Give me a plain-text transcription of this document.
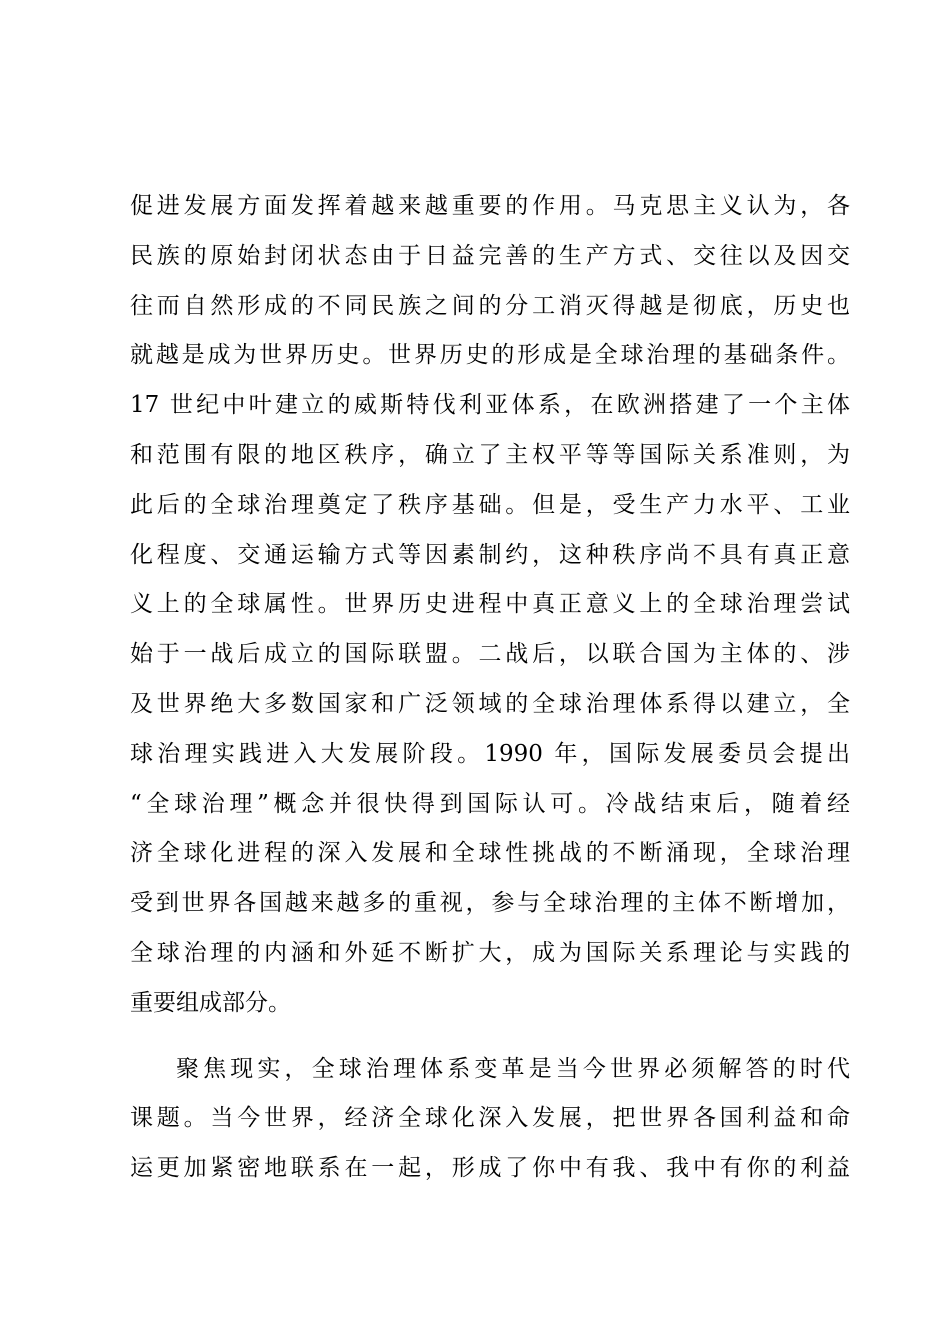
促进发展方面发挥着越来越重要的作用。马克思主义认为，各
民族的原始封闭状态由于日益完善的生产方式、交往以及因交
往而自然形成的不同民族之间的分工消灭得越是彻底，历史也
就越是成为世界历史。世界历史的形成是全球治理的基础条件。
17 世纪中叶建立的威斯特伐利亚体系，在欧洲搭建了一个主体
和范围有限的地区秩序，确立了主权平等等国际关系准则，为
此后的全球治理奠定了秩序基础。但是，受生产力水平、工业
化程度、交通运输方式等因素制约，这种秩序尚不具有真正意
义上的全球属性。世界历史进程中真正意义上的全球治理尝试
始于一战后成立的国际联盟。二战后，以联合国为主体的、涉
及世界绝大多数国家和广泛领域的全球治理体系得以建立，全
球治理实践进入大发展阶段。1990 年，国际发展委员会提出
“全球治理”概念并很快得到国际认可。冷战结束后，随着经
济全球化进程的深入发展和全球性挑战的不断涌现，全球治理
受到世界各国越来越多的重视，参与全球治理的主体不断增加，
全球治理的内涵和外延不断扩大，成为国际关系理论与实践的
重要组成部分。
聚焦现实，全球治理体系变革是当今世界必须解答的时代
课题。当今世界，经济全球化深入发展，把世界各国利益和命
运更加紧密地联系在一起，形成了你中有我、我中有你的利益
